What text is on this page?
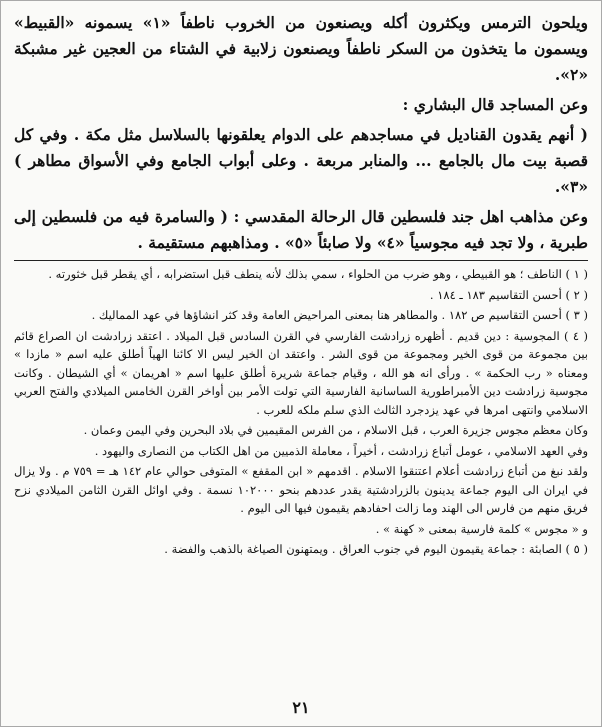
ويلحون الترمس ويكثرون أكله ويصنعون من الخروب ناطفاً «١» يسمونه «القبيط» ويسمون ما يتخذون من السكر ناطفاً ويصنعون زلابية في الشتاء من العجين غير مشبكة «٢».

وعن المساجد قال البشاري :

( أنهم يقدون القناديل في مساجدهم على الدوام يعلقونها بالسلاسل مثل مكة . وفي كل قصبة بيت مال بالجامع ... والمنابر مربعة . وعلى أبواب الجامع وفي الأسواق مطاهر ) «٣».

وعن مذاهب اهل جند فلسطين قال الرحالة المقدسي : ( والسامرة فيه من فلسطين إلى طبرية ، ولا تجد فيه مجوسياً «٤» ولا صابئاً «٥» . ومذاهبهم مستقيمة .

( ١ ) الناطف ؛ هو القبيطي ، وهو ضرب من الحلواء ، سمي بذلك لأنه ينطف قبل استضرابه ، أي يقطر قبل خثورته .

( ٢ ) أحسن التقاسيم ١٨٣ ـ ١٨٤ .

( ٣ ) أحسن التقاسيم ص ١٨٢ . والمطاهر هنا بمعنى المراحيض العامة وقد كثر انشاؤها في عهد المماليك .

( ٤ ) المجوسية : دين قديم . أظهره زرادشت الفارسي في القرن السادس قبل الميلاد . اعتقد زرادشت ان الصراع قائم بين مجموعة من قوى الخير ومجموعة من قوى الشر . واعتقد ان الخير ليس الا كائنا الهياً أطلق عليه اسم « مازدا » ومعناه « رب الحكمة » . ورأى انه هو الله ، وقيام جماعة شريرة أطلق عليها اسم « اهريمان » أي الشيطان . وكانت مجوسية زرادشت دين الأمبراطورية الساسانية الفارسية التي تولت الأمر بين أواخر القرن الخامس الميلادي والفتح العربي الاسلامي وانتهى امرها في عهد يزدجرد الثالث الذي سلم ملكه للعرب .

وكان معظم مجوس جزيرة العرب ، قبل الاسلام ، من الفرس المقيمين في بلاد البحرين وفي اليمن وعمان .

وفي العهد الاسلامي ، عومل أتباع زرادشت ، أخيراً ، معاملة الذميين من اهل الكتاب من النصارى واليهود .

ولقد نبغ من أتباع زرادشت أعلام اعتنقوا الاسلام . اقدمهم « ابن المقفع » المتوفى حوالي عام ١٤٢ هـ = ٧٥٩ م . ولا يزال في ايران الى اليوم جماعة يدينون بالزرادشتية يقدر عددهم بنحو ١٠٢٠٠٠ نسمة . وفي اوائل القرن الثامن الميلادي نزح فريق منهم من فارس الى الهند وما زالت احفادهم يقيمون فيها الى اليوم .

و « مجوس » كلمة فارسية بمعنى « كهنة » .

( ٥ ) الصابئة : جماعة يقيمون اليوم في جنوب العراق . ويمتهنون الصياغة بالذهب والفضة .

٢١
